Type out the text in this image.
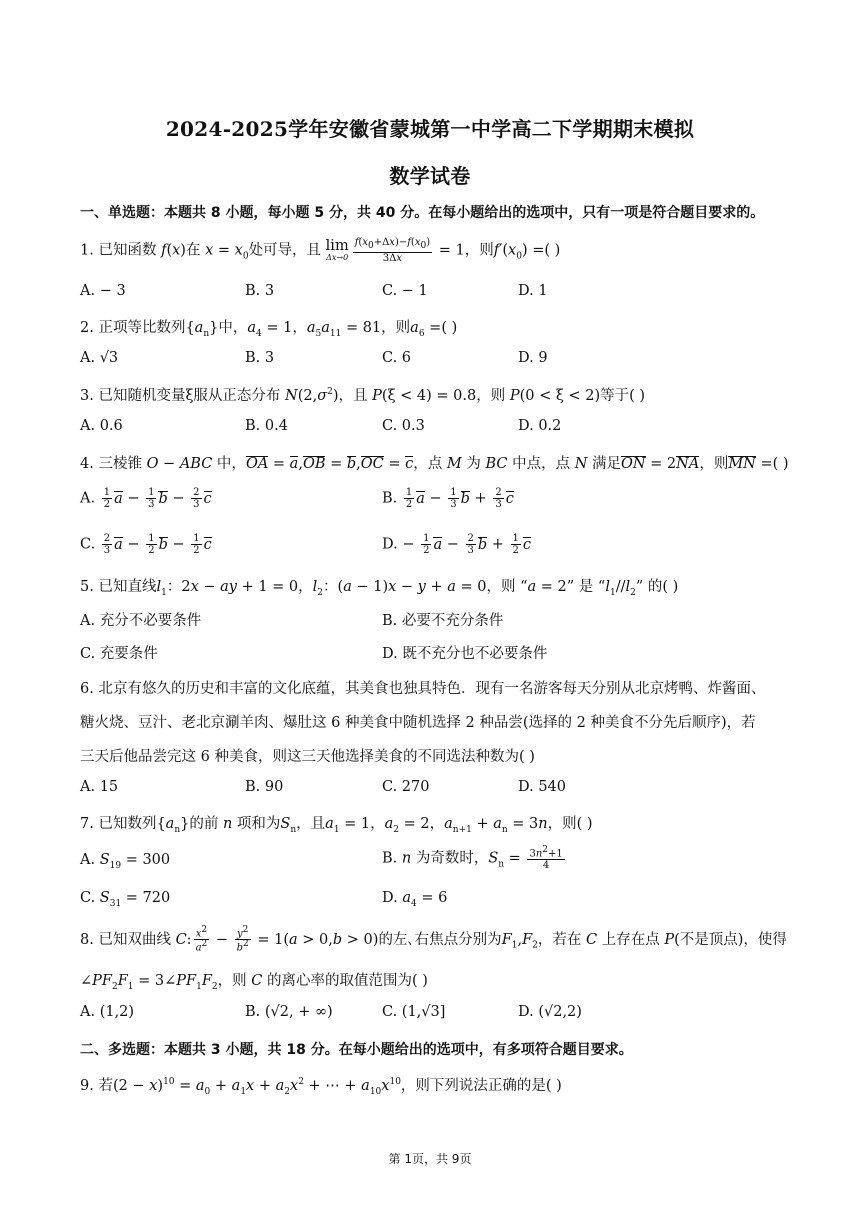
2024-2025学年安徽省蒙城第一中学高二下学期期末模拟
数学试卷
一、单选题：本题共 8 小题，每小题 5 分，共 40 分。在每小题给出的选项中，只有一项是符合题目要求的。
1. 已知函数 f(x)在 $x = x_0$处可导，且 lim
$\Delta x\to 0 \frac{f(x_0+\Delta x)-f(x_0)}{3\Delta x} = 1$，则$f'(x_0)$ =( )
A. − 3	B. 3	C. − 1	D. 1
2. 正项等比数列$\{a_n\}$中，$a_4 = 1$，$a_5a_{11} = 81$，则$a_6$ =( )
A. √3	B. 3	C. 6	D. 9
3. 已知随机变量ξ服从正态分布 $N(2,\sigma^2)$，且 P(ξ < 4) = 0.8，则 P(0 < ξ < 2)等于( )
A. 0.6	B. 0.4	C. 0.3	D. 0.2
4. 三棱锥 O − ABC 中，OA = a,OB = b,OC = c，点 M 为 BC 中点，点 N 满足ON = 2NA，则MN =( )
A. $\frac{1}{2}$ $a - \frac{1}{3}$ $b - \frac{2}{3}$ c	B. $\frac{1}{2}$ $a - \frac{1}{3}$ $b + \frac{2}{3}$ c
C. $\frac{2}{3}$ $a - \frac{1}{2}$ $b - \frac{1}{2}$ c	D. − $\frac{1}{2}$ $a - \frac{2}{3}$ $b + \frac{1}{2}$ c
5. 已知直线$l_1$：2x − ay + 1 = 0，$l_2$：(a − 1)x − y + a = 0，则 “a = 2” 是 “$l_1//l_2$” 的( )
A. 充分不必要条件	B. 必要不充分条件
C. 充要条件	D. 既不充分也不必要条件
6. 北京有悠久的历史和丰富的文化底蕴，其美食也独具特色．现有一名游客每天分别从北京烤鸭、炸酱面、
糖火烧、豆汁、老北京涮羊肉、爆肚这 6 种美食中随机选择 2 种品尝(选择的 2 种美食不分先后顺序)，若
三天后他品尝完这 6 种美食，则这三天他选择美食的不同选法种数为( )
A. 15	B. 90	C. 270	D. 540
7. 已知数列$\{a_n\}$的前 n 项和为$S_n$，且$a_1 = 1$，$a_2 = 2$，$a_{n+1} + a_n = 3n$，则( )
A. $S_{19} = 300$	B. n 为奇数时，$S_n = \frac{3n^2+1}{4}$
C. $S_{31} = 720$	D. $a_4 = 6$
8. 已知双曲线 C: $\frac{x^2}{a^2} - \frac{y^2}{b^2} = 1(a > 0,b > 0)$的左､右焦点分别为$F_1,F_2$，若在 C 上存在点 P(不是顶点)，使得
$\angle PF_2F_1$ = $3\angle PF_1F_2$，则 C 的离心率的取值范围为( )
A. (1,2)	B. (√2, + ∞)	C. (1,√3]	D. (√2,2)
二、多选题：本题共 3 小题，共 18 分。在每小题给出的选项中，有多项符合题目要求。
9. 若$(2 - x)^{10} = a_0 + a_1x + a_2x^2$ + ⋯ + $a_{10}x^{10}$，则下列说法正确的是( )
第 1页，共 9页
